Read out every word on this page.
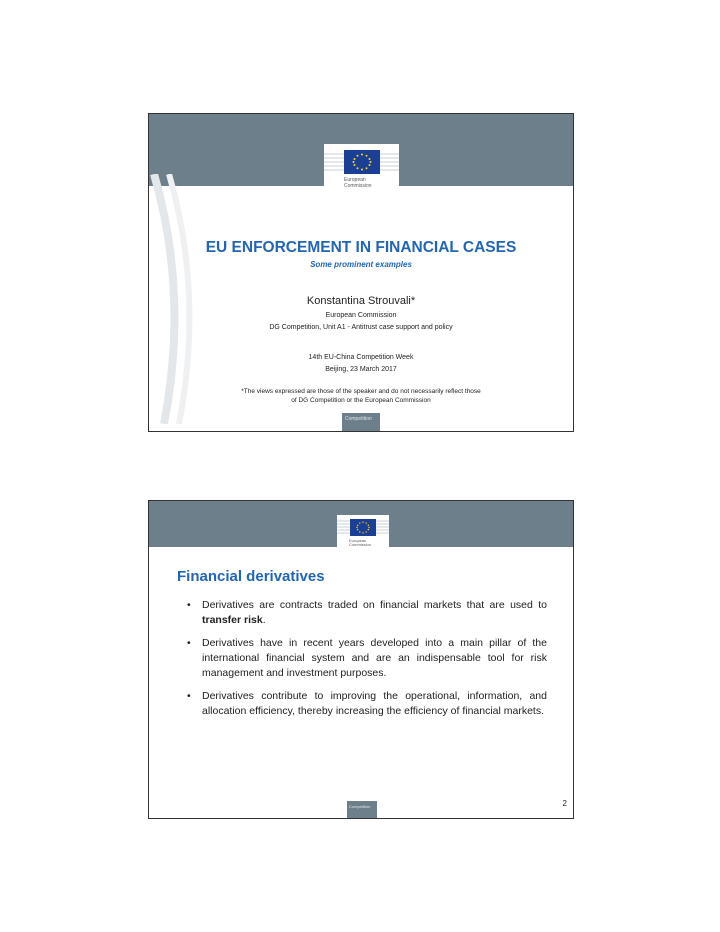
European
Commission
EU ENFORCEMENT IN FINANCIAL CASES
Some prominent examples
Konstantina Strouvali*
European Commission
DG Competition, Unit A1 - Antitrust case support and policy
14th EU-China Competition Week
Beijing, 23 March 2017
*The views expressed are those of the speaker and do not necessarily reflect those
of DG Competition or the European Commission
Competition
European
Commission
Financial derivatives
• Derivatives are contracts traded on financial markets that are used to transfer risk.
• Derivatives have in recent years developed into a main pillar of the international financial system and are an indispensable tool for risk management and investment purposes.
• Derivatives contribute to improving the operational, information, and allocation efficiency, thereby increasing the efficiency of financial markets.
2
Competition
